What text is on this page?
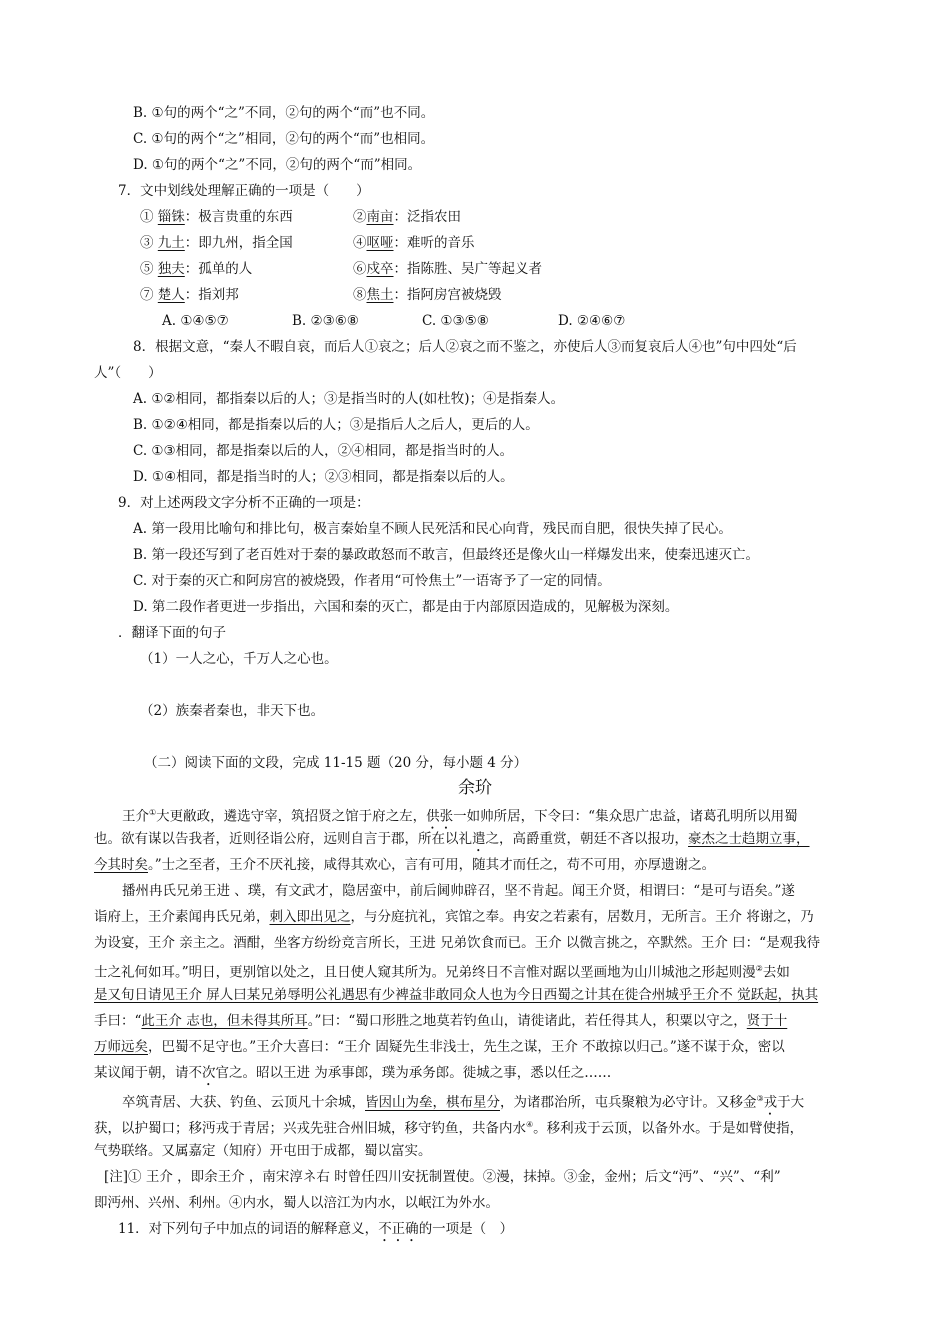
B. ①句的两个“之”不同，②句的两个“而”也不同。
C. ①句的两个“之”相同，②句的两个“而”也相同。
D. ①句的两个“之”不同，②句的两个“而”相同。
7．文中划线处理解正确的一项是（　　）
① 锱铢：极言贵重的东西	②南亩：泛指农田
③ 九土：即九州，指全国	④呕哑：难听的音乐
⑤ 独夫：孤单的人	⑥戍卒：指陈胜、吴广等起义者
⑦ 楚人：指刘邦	⑧焦土：指阿房宫被烧毁
A. ①④⑤⑦	B. ②③⑥⑧	C. ①③⑤⑧	D. ②④⑥⑦
8．根据文意，“秦人不暇自哀，而后人①哀之；后人②哀之而不鉴之，亦使后人③而复哀后人④也”句中四处“后
人”（　　）
A. ①②相同，都指秦以后的人；③是指当时的人(如杜牧)；④是指秦人。
B. ①②④相同，都是指秦以后的人；③是指后人之后人，更后的人。
C. ①③相同，都是指秦以后的人，②④相同，都是指当时的人。
D. ①④相同，都是指当时的人；②③相同，都是指秦以后的人。
9．对上述两段文字分析不正确的一项是：
A. 第一段用比喻句和排比句，极言秦始皇不顾人民死活和民心向背，残民而自肥，很快失掉了民心。
B. 第一段还写到了老百姓对于秦的暴政敢怒而不敢言，但最终还是像火山一样爆发出来，使秦迅速灭亡。
C. 对于秦的灭亡和阿房宫的被烧毁，作者用“可怜焦土”一语寄予了一定的同情。
D. 第二段作者更进一步指出，六国和秦的灭亡，都是由于内部原因造成的，见解极为深刻。
．翻译下面的句子
（1）一人之心，千万人之心也。
（2）族秦者秦也，非天下也。
（二）阅读下面的文段，完成 11-15 题（20 分，每小题 4 分）
余玠
王介①大更敝政，遴选守宰，筑招贤之馆于府之左，供张一如帅所居，下令曰：“集众思广忠益，诸葛孔明所以用蜀
也。欲有谋以告我者，近则径诣公府，远则自言于郡，所在以礼遣之，高爵重赏，朝廷不吝以报功，豪杰之士趋期立事，
今其时矣。”士之至者，王介不厌礼接，咸得其欢心，言有可用，随其才而任之，苟不可用，亦厚遗谢之。
播州冉氏兄弟王进 、璞，有文武才，隐居蛮中，前后阃帅辟召，坚不肯起。闻王介贤，相谓曰：“是可与语矣。”遂
诣府上，王介素闻冉氏兄弟，刺入即出见之，与分庭抗礼，宾馆之奉。冉安之若素有，居数月，无所言。王介 将谢之，乃
为设宴，王介 亲主之。酒酣，坐客方纷纷竞言所长，王进 兄弟饮食而已。王介 以微言挑之，卒默然。王介 曰：“是观我待
士之礼何如耳。”明日，更别馆以处之，且日使人窥其所为。兄弟终日不言惟对踞以垩画地为山川城池之形起则漫②去如
是又旬日请见王介 屏人曰某兄弟辱明公礼遇思有少裨益非敢同众人也为今日西蜀之计其在徙合州城乎王介不 觉跃起，执其
手曰：“此王介 志也，但未得其所耳。”曰：“蜀口形胜之地莫若钓鱼山，请徙诸此，若任得其人，积粟以守之，贤于十
万师远矣，巴蜀不足守也。”王介大喜曰：“王介 固疑先生非浅士，先生之谋，王介 不敢掠以归己。”遂不谋于众，密以
某议闻于朝，请不次官之。昭以王进 为承事郎，璞为承务郎。徙城之事，悉以任之……
卒筑青居、大获、钓鱼、云顶凡十余城，皆因山为垒，棋布星分，为诸郡治所，屯兵聚粮为必守计。又移金③戎于大
获，以护蜀口；移沔戎于青居；兴戎先驻合州旧城，移守钓鱼，共备内水④。移利戎于云顶，以备外水。于是如臂使指，
气势联络。又属嘉定（知府）开屯田于成都，蜀以富实。
[注]① 王介 ，即余王介 ，南宋淳ネ右 时曾任四川安抚制置使。②漫，抹掉。③金，金州；后文“沔”、“兴”、“利”
即沔州、兴州、利州。④内水，蜀人以涪江为内水，以岷江为外水。
11．对下列句子中加点的词语的解释意义，不正确的一项是（　）
